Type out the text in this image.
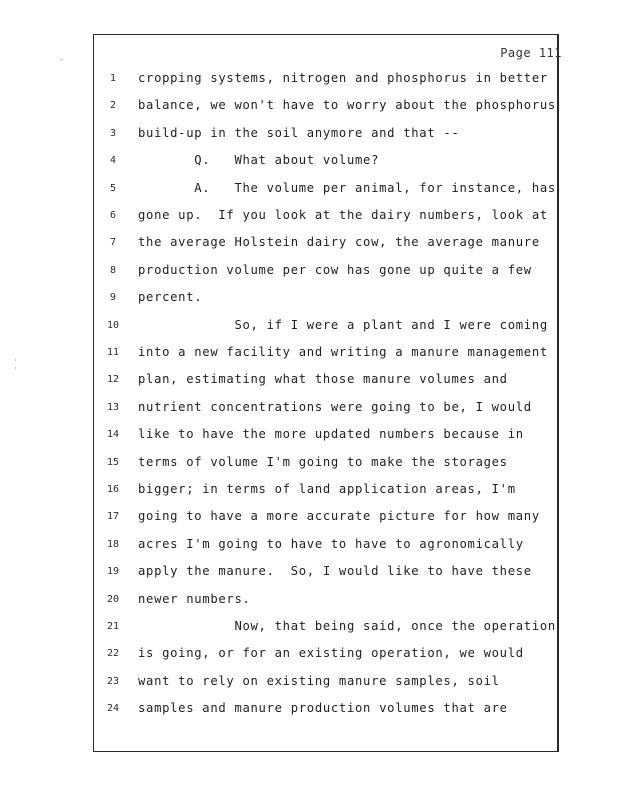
Page 111
-
·
·
1	cropping systems, nitrogen and phosphorus in better
2	balance, we won't have to worry about the phosphorus
3	build-up in the soil anymore and that --
4	Q.   What about volume?
5	A.   The volume per animal, for instance, has
6	gone up.  If you look at the dairy numbers, look at
7	the average Holstein dairy cow, the average manure
8	production volume per cow has gone up quite a few
9	percent.
10	So, if I were a plant and I were coming
11	into a new facility and writing a manure management
12	plan, estimating what those manure volumes and
13	nutrient concentrations were going to be, I would
14	like to have the more updated numbers because in
15	terms of volume I'm going to make the storages
16	bigger; in terms of land application areas, I'm
17	going to have a more accurate picture for how many
18	acres I'm going to have to have to agronomically
19	apply the manure.  So, I would like to have these
20	newer numbers.
21	Now, that being said, once the operation
22	is going, or for an existing operation, we would
23	want to rely on existing manure samples, soil
24	samples and manure production volumes that are
